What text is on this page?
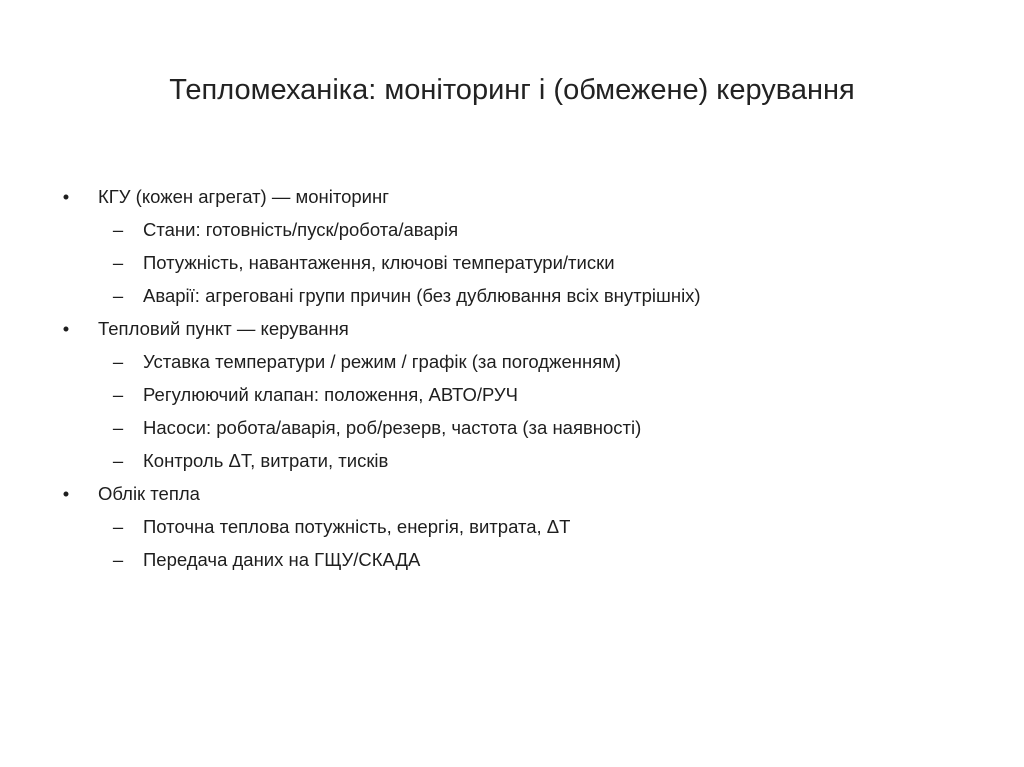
Тепломеханіка: моніторинг і (обмежене) керування
• КГУ (кожен агрегат) — моніторинг
– Стани: готовність/пуск/робота/аварія
– Потужність, навантаження, ключові температури/тиски
– Аварії: агреговані групи причин (без дублювання всіх внутрішніх)
• Тепловий пункт — керування
– Уставка температури / режим / графік (за погодженням)
– Регулюючий клапан: положення, АВТО/РУЧ
– Насоси: робота/аварія, роб/резерв, частота (за наявності)
– Контроль ΔT, витрати, тисків
• Облік тепла
– Поточна теплова потужність, енергія, витрата, ΔT
– Передача даних на ГЩУ/СКАДА
